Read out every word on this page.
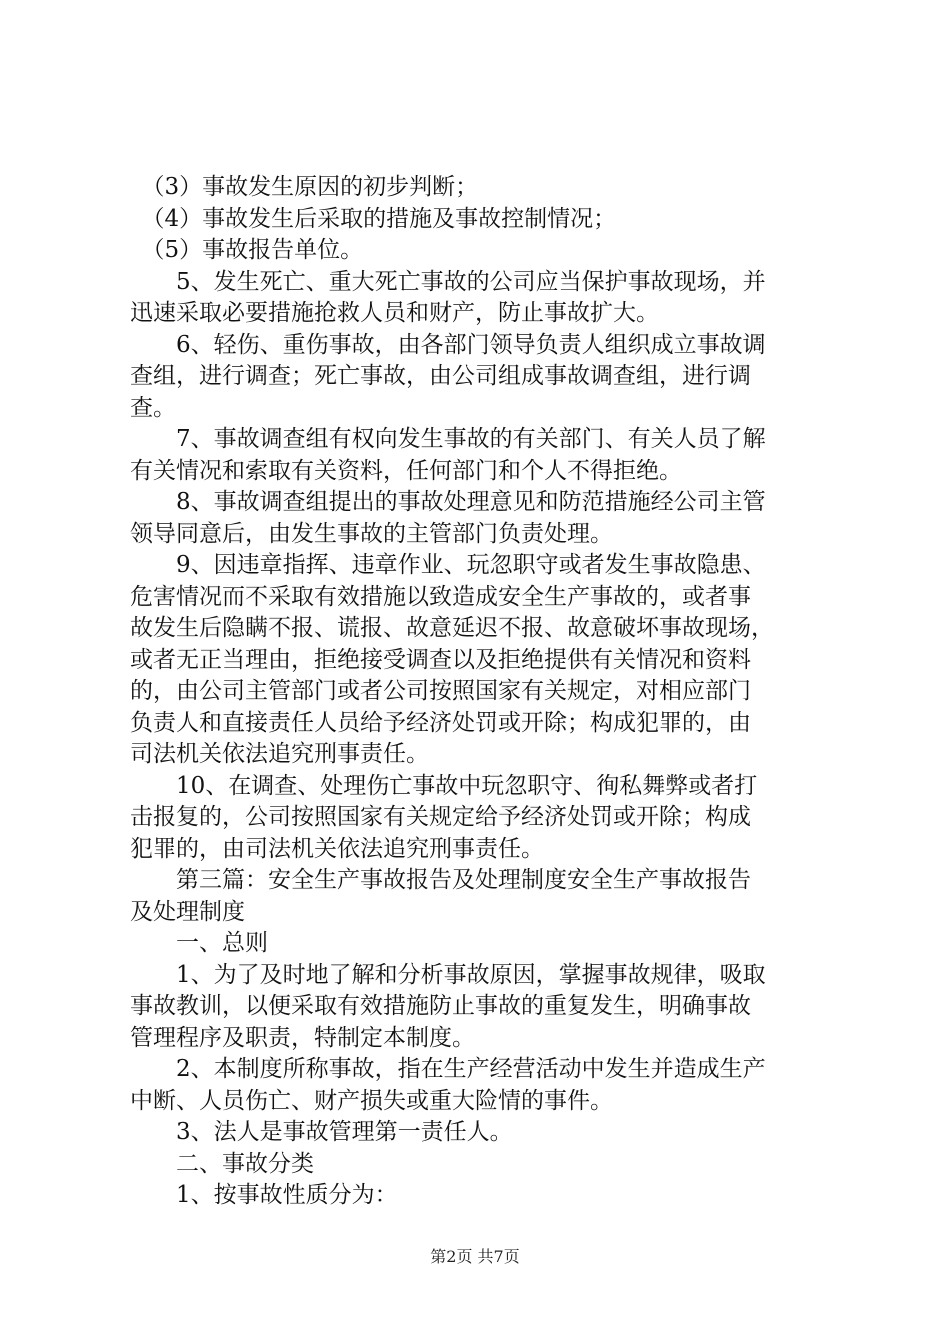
　（3）事故发生原因的初步判断；
　（4）事故发生后采取的措施及事故控制情况；
　（5）事故报告单位。
　　5、发生死亡、重大死亡事故的公司应当保护事故现场，并
迅速采取必要措施抢救人员和财产，防止事故扩大。
　　6、轻伤、重伤事故，由各部门领导负责人组织成立事故调
查组，进行调查；死亡事故，由公司组成事故调查组，进行调
查。
　　7、事故调查组有权向发生事故的有关部门、有关人员了解
有关情况和索取有关资料，任何部门和个人不得拒绝。
　　8、事故调查组提出的事故处理意见和防范措施经公司主管
领导同意后，由发生事故的主管部门负责处理。
　　9、因违章指挥、违章作业、玩忽职守或者发生事故隐患、
危害情况而不采取有效措施以致造成安全生产事故的，或者事
故发生后隐瞒不报、谎报、故意延迟不报、故意破坏事故现场，
或者无正当理由，拒绝接受调查以及拒绝提供有关情况和资料
的，由公司主管部门或者公司按照国家有关规定，对相应部门
负责人和直接责任人员给予经济处罚或开除；构成犯罪的，由
司法机关依法追究刑事责任。
　　10、在调查、处理伤亡事故中玩忽职守、徇私舞弊或者打
击报复的，公司按照国家有关规定给予经济处罚或开除；构成
犯罪的，由司法机关依法追究刑事责任。
　　第三篇：安全生产事故报告及处理制度安全生产事故报告
及处理制度
　　一、总则
　　1、为了及时地了解和分析事故原因，掌握事故规律，吸取
事故教训，以便采取有效措施防止事故的重复发生，明确事故
管理程序及职责，特制定本制度。
　　2、本制度所称事故，指在生产经营活动中发生并造成生产
中断、人员伤亡、财产损失或重大险情的事件。
　　3、法人是事故管理第一责任人。
　　二、事故分类
　　1、按事故性质分为：

第2页 共7页
